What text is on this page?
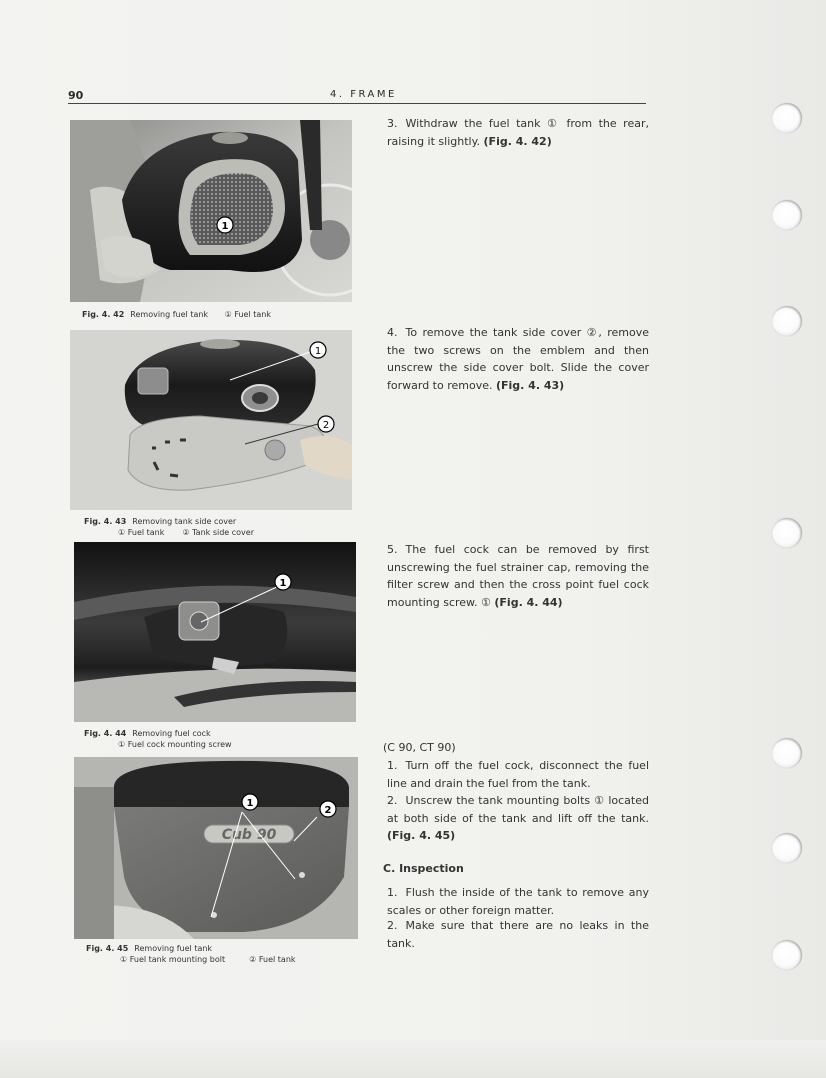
90	4. FRAME
1
Fig. 4. 42 Removing fuel tank ① Fuel tank
1
2
Fig. 4. 43 Removing tank side cover
① Fuel tank ② Tank side cover
1
Fig. 4. 44 Removing fuel cock
① Fuel cock mounting screw
Cub 90
1
2
Fig. 4. 45 Removing fuel tank
① Fuel tank mounting bolt	② Fuel tank
3. Withdraw the fuel tank ① from the rear, raising it slightly. (Fig. 4. 42)
4. To remove the tank side cover ②, remove the two screws on the emblem and then unscrew the side cover bolt. Slide the cover forward to remove. (Fig. 4. 43)
5. The fuel cock can be removed by first unscrewing the fuel strainer cap, removing the filter screw and then the cross point fuel cock mounting screw. ① (Fig. 4. 44)
(C 90, CT 90)
1. Turn off the fuel cock, disconnect the fuel line and drain the fuel from the tank.
2. Unscrew the tank mounting bolts ① located at both side of the tank and lift off the tank. (Fig. 4. 45)
C. Inspection
1. Flush the inside of the tank to remove any scales or other foreign matter.
2. Make sure that there are no leaks in the tank.
